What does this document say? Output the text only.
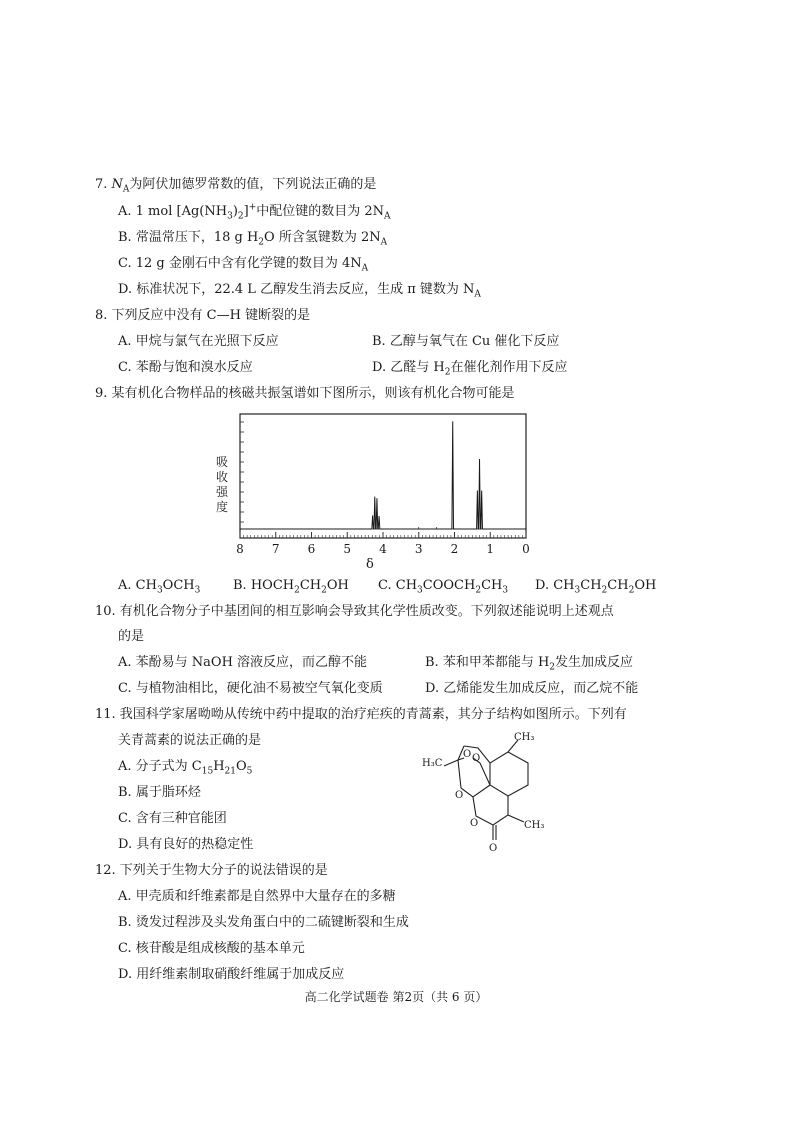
7. $N_A$为阿伏加德罗常数的值，下列说法正确的是
A. 1 mol $[Ag(NH_3)_2]^+$中配位键的数目为 $2N_A$
B. 常温常压下，18 g $H_2O$ 所含氢键数为 $2N_A$
C. 12 g 金刚石中含有化学键的数目为 $4N_A$
D. 标准状况下，22.4 L 乙醇发生消去反应，生成 π 键数为 $N_A$
8. 下列反应中没有 C—H 键断裂的是
A. 甲烷与氯气在光照下反应	B. 乙醇与氧气在 Cu 催化下反应
C. 苯酚与饱和溴水反应	D. 乙醛与 $H_2$在催化剂作用下反应
9. 某有机化合物样品的核磁共振氢谱如下图所示，则该有机化合物可能是
吸收强度
8 7 6 5 4 3 2 1 0
δ
A. $CH_3OCH_3$	B. $HOCH_2CH_2OH$ C. $CH_3COOCH_2CH_3$ D. $CH_3CH_2CH_2OH$
10. 有机化合物分子中基团间的相互影响会导致其化学性质改变。下列叙述能说明上述观点
的是
A. 苯酚易与 NaOH 溶液反应，而乙醇不能	B. 苯和甲苯都能与 $H_2$发生加成反应
C. 与植物油相比，硬化油不易被空气氧化变质	D. 乙烯能发生加成反应，而乙烷不能
11. 我国科学家屠呦呦从传统中药中提取的治疗疟疾的青蒿素，其分子结构如图所示。下列有
关青蒿素的说法正确的是
A. 分子式为 $C_{15}H_{21}O_5$
B. 属于脂环烃
C. 含有三种官能团
D. 具有良好的热稳定性
CH₃
H₃C
O O
O
O	CH₃
O
12. 下列关于生物大分子的说法错误的是
A. 甲壳质和纤维素都是自然界中大量存在的多糖
B. 烫发过程涉及头发角蛋白中的二硫键断裂和生成
C. 核苷酸是组成核酸的基本单元
D. 用纤维素制取硝酸纤维属于加成反应
高二化学试题卷 第2页（共 6 页）
